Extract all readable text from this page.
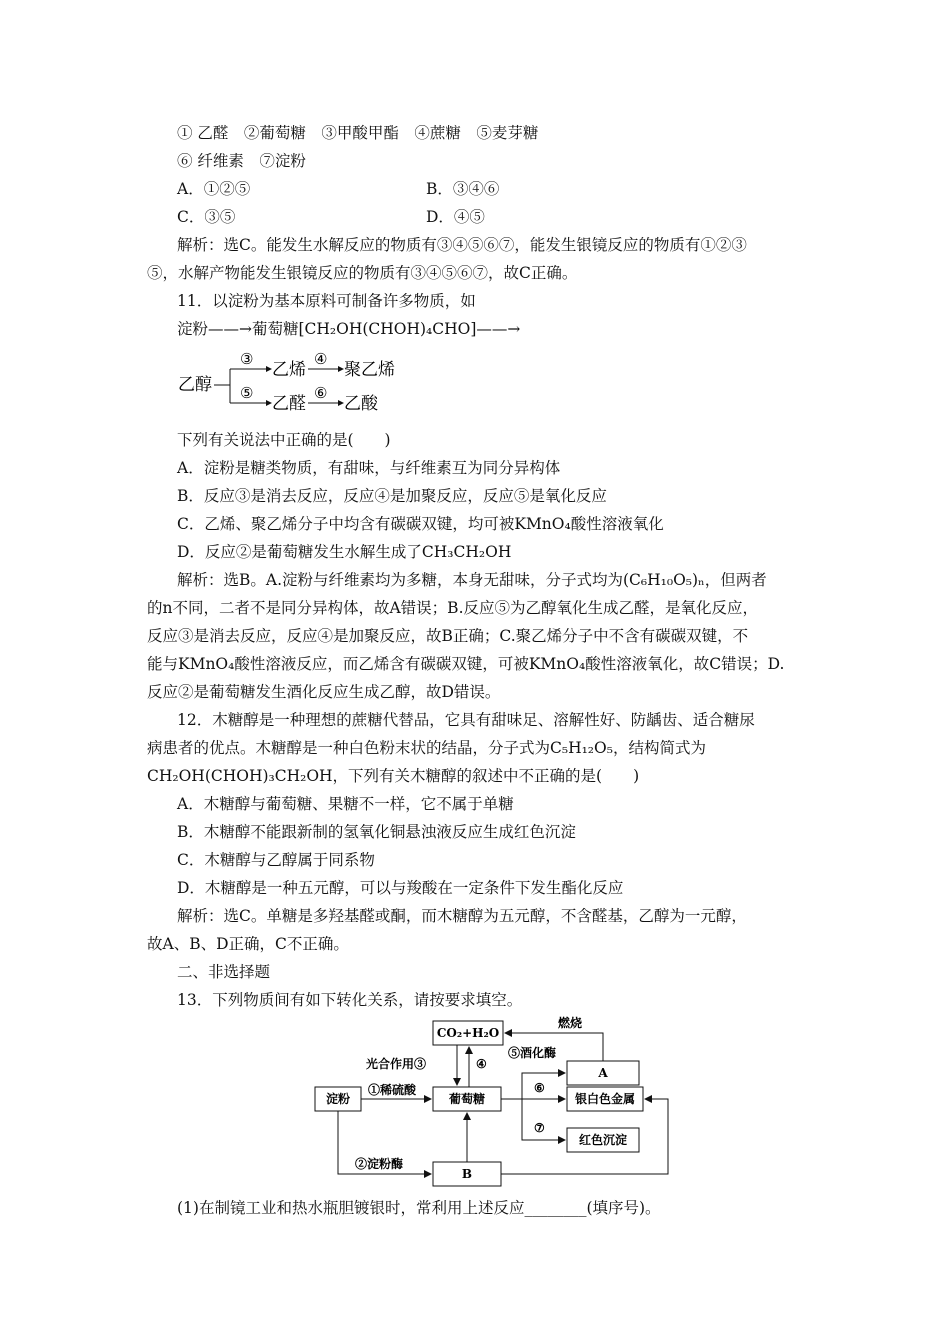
① 乙醛　②葡萄糖　③甲酸甲酯　④蔗糖　⑤麦芽糖
⑥ 纤维素　⑦淀粉
A．①②⑤	B．③④⑥
C．③⑤	D．④⑤
解析：选C。能发生水解反应的物质有③④⑤⑥⑦，能发生银镜反应的物质有①②③
⑤，水解产物能发生银镜反应的物质有③④⑤⑥⑦，故C正确。
11．以淀粉为基本原料可制备许多物质，如
淀粉——→葡萄糖[CH₂OH(CHOH)₄CHO]——→
乙醇
③
⑤
乙烯
乙醛
④
⑥
聚乙烯
乙酸
下列有关说法中正确的是(　　)
A．淀粉是糖类物质，有甜味，与纤维素互为同分异构体
B．反应③是消去反应，反应④是加聚反应，反应⑤是氧化反应
C．乙烯、聚乙烯分子中均含有碳碳双键，均可被KMnO₄酸性溶液氧化
D．反应②是葡萄糖发生水解生成了CH₃CH₂OH
解析：选B。A.淀粉与纤维素均为多糖，本身无甜味，分子式均为(C₆H₁₀O₅)ₙ，但两者
的n不同，二者不是同分异构体，故A错误；B.反应⑤为乙醇氧化生成乙醛，是氧化反应，
反应③是消去反应，反应④是加聚反应，故B正确；C.聚乙烯分子中不含有碳碳双键，不
能与KMnO₄酸性溶液反应，而乙烯含有碳碳双键，可被KMnO₄酸性溶液氧化，故C错误；D.
反应②是葡萄糖发生酒化反应生成乙醇，故D错误。
12．木糖醇是一种理想的蔗糖代替品，它具有甜味足、溶解性好、防龋齿、适合糖尿
病患者的优点。木糖醇是一种白色粉末状的结晶，分子式为C₅H₁₂O₅，结构简式为
CH₂OH(CHOH)₃CH₂OH，下列有关木糖醇的叙述中不正确的是(　　)
A．木糖醇与葡萄糖、果糖不一样，它不属于单糖
B．木糖醇不能跟新制的氢氧化铜悬浊液反应生成红色沉淀
C．木糖醇与乙醇属于同系物
D．木糖醇是一种五元醇，可以与羧酸在一定条件下发生酯化反应
解析：选C。单糖是多羟基醛或酮，而木糖醇为五元醇，不含醛基，乙醇为一元醇，
故A、B、D正确，C不正确。
二、非选择题
13．下列物质间有如下转化关系，请按要求填空。
CO₂+H₂O
A
淀粉	葡萄糖	银白色金属
红色沉淀
B
燃烧
⑤酒化酶
⑥
⑦
光合作用③	④
①稀硫酸
②淀粉酶
(1)在制镜工业和热水瓶胆镀银时，常利用上述反应________(填序号)。
